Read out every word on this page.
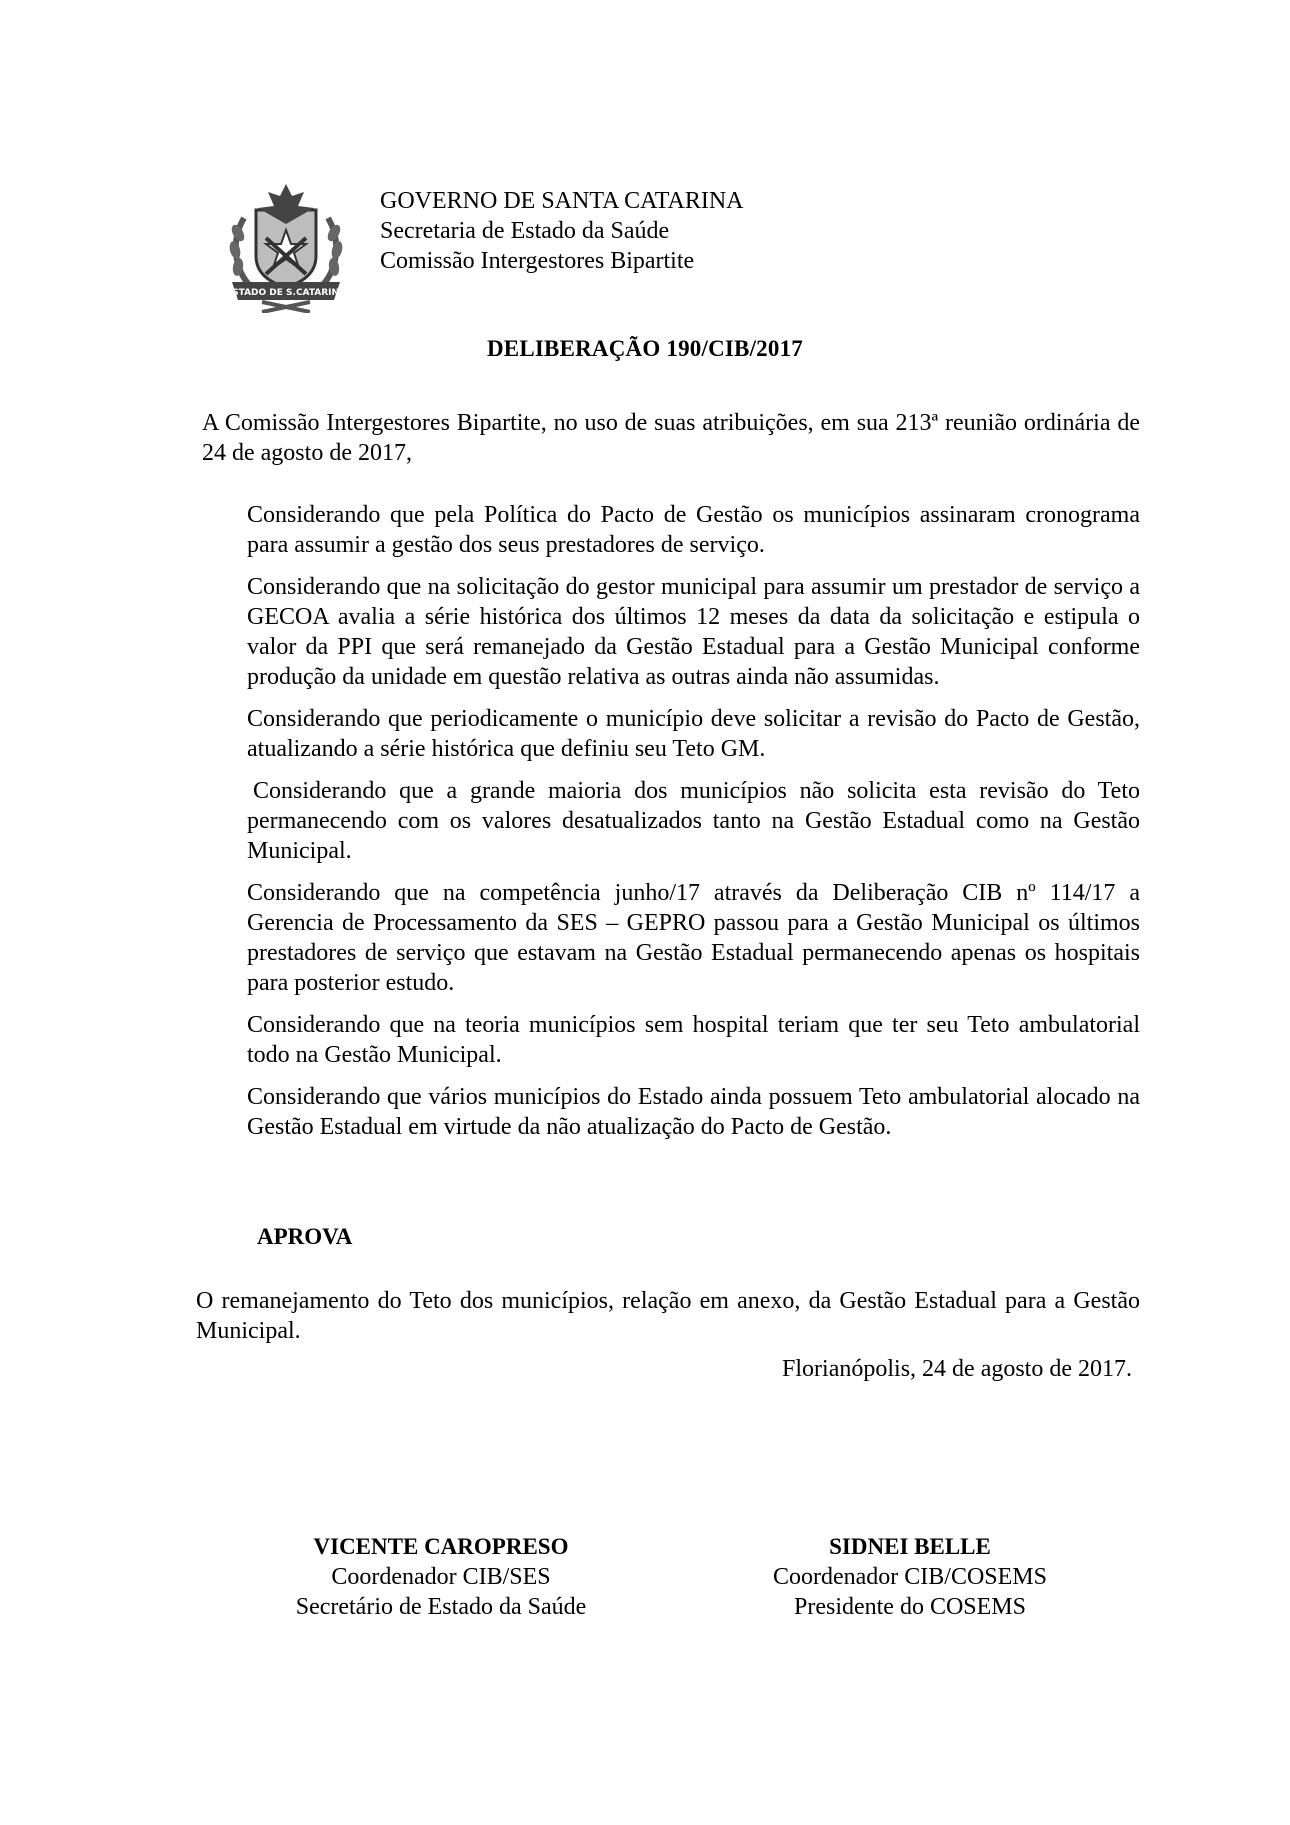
ESTADO DE S.CATARINA
GOVERNO DE SANTA CATARINA
Secretaria de Estado da Saúde
Comissão Intergestores Bipartite
DELIBERAÇÃO 190/CIB/2017
A Comissão Intergestores Bipartite, no uso de suas atribuições, em sua 213ª reunião ordinária de 24 de agosto de 2017,

Considerando que pela Política do Pacto de Gestão os municípios assinaram cronograma para assumir a gestão dos seus prestadores de serviço.

Considerando que na solicitação do gestor municipal para assumir um prestador de serviço a GECOA avalia a série histórica dos últimos 12 meses da data da solicitação e estipula o valor da PPI que será remanejado da Gestão Estadual para a Gestão Municipal conforme produção da unidade em questão relativa as outras ainda não assumidas.

Considerando que periodicamente o município deve solicitar a revisão do Pacto de Gestão, atualizando a série histórica que definiu seu Teto GM.

Considerando que a grande maioria dos municípios não solicita esta revisão do Teto permanecendo com os valores desatualizados tanto na Gestão Estadual como na Gestão Municipal.

Considerando que na competência junho/17 através da Deliberação CIB nº 114/17 a Gerencia de Processamento da SES – GEPRO passou para a Gestão Municipal os últimos prestadores de serviço que estavam na Gestão Estadual permanecendo apenas os hospitais para posterior estudo.

Considerando que na teoria municípios sem hospital teriam que ter seu Teto ambulatorial todo na Gestão Municipal.

Considerando que vários municípios do Estado ainda possuem Teto ambulatorial alocado na Gestão Estadual em virtude da não atualização do Pacto de Gestão.

APROVA
O remanejamento do Teto dos municípios, relação em anexo, da Gestão Estadual para a Gestão Municipal.
Florianópolis, 24 de agosto de 2017.
VICENTE CAROPRESO
Coordenador CIB/SES
Secretário de Estado da Saúde
SIDNEI BELLE
Coordenador CIB/COSEMS
Presidente do COSEMS
